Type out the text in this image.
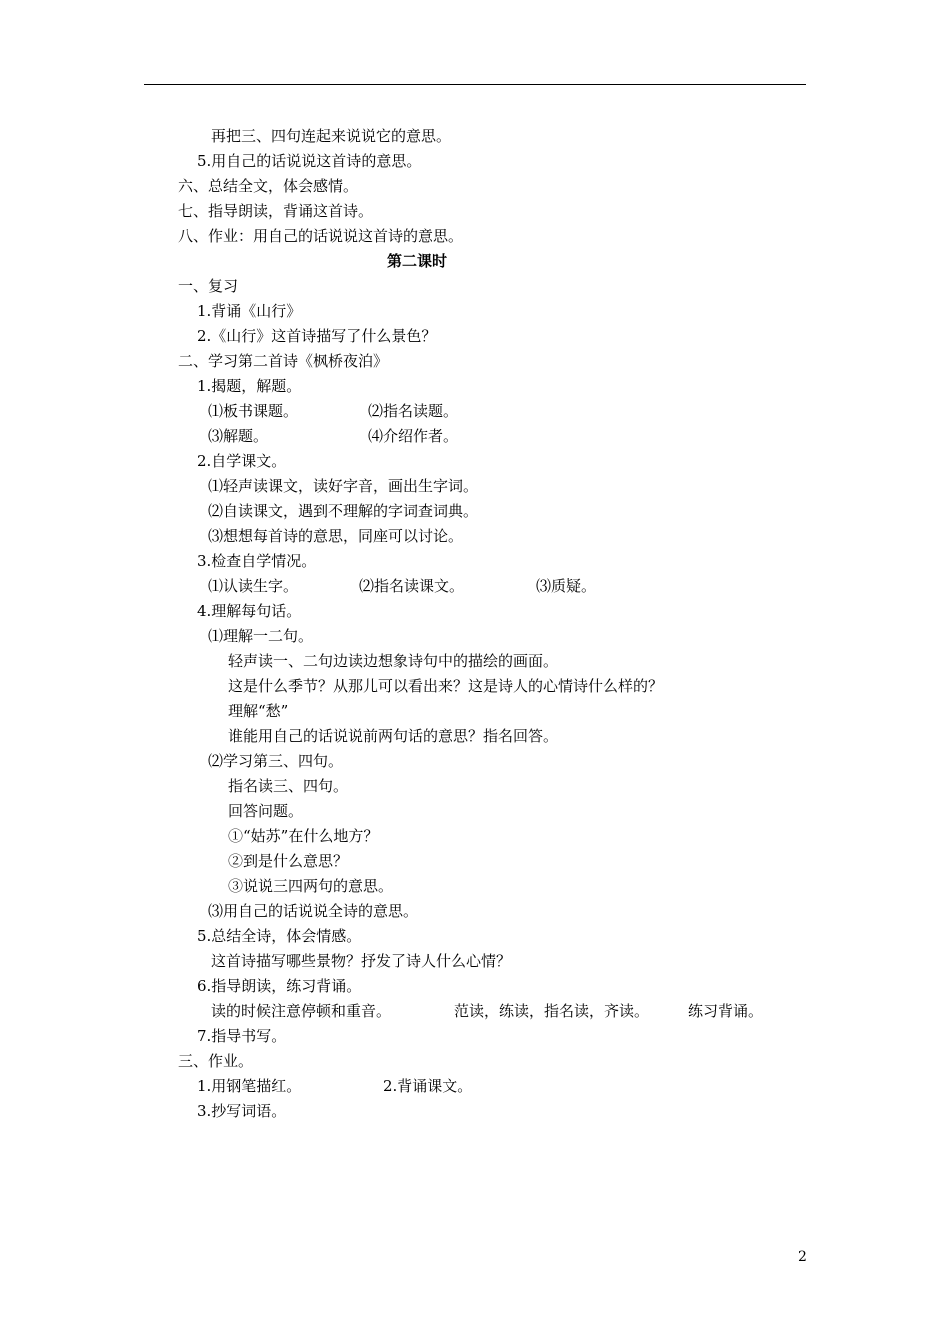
再把三、四句连起来说说它的意思。
5.用自己的话说说这首诗的意思。
六、总结全文，体会感情。
七、指导朗读，背诵这首诗。
八、作业：用自己的话说说这首诗的意思。
第二课时
一、复习
1.背诵《山行》
2.《山行》这首诗描写了什么景色？
二、学习第二首诗《枫桥夜泊》
1.揭题，解题。
⑴板书课题。	⑵指名读题。
⑶解题。	⑷介绍作者。
2.自学课文。
⑴轻声读课文，读好字音，画出生字词。
⑵自读课文，遇到不理解的字词查词典。
⑶想想每首诗的意思，同座可以讨论。
3.检查自学情况。
⑴认读生字。	⑵指名读课文。	⑶质疑。
4.理解每句话。
⑴理解一二句。
轻声读一、二句边读边想象诗句中的描绘的画面。
这是什么季节？从那儿可以看出来？这是诗人的心情诗什么样的？
理解“愁”
谁能用自己的话说说前两句话的意思？指名回答。
⑵学习第三、四句。
指名读三、四句。
回答问题。
①“姑苏”在什么地方？
②到是什么意思？
③说说三四两句的意思。
⑶用自己的话说说全诗的意思。
5.总结全诗，体会情感。
这首诗描写哪些景物？抒发了诗人什么心情？
6.指导朗读，练习背诵。
读的时候注意停顿和重音。	范读，练读，指名读，齐读。	练习背诵。
7.指导书写。
三、作业。
1.用钢笔描红。	2.背诵课文。
3.抄写词语。
2
